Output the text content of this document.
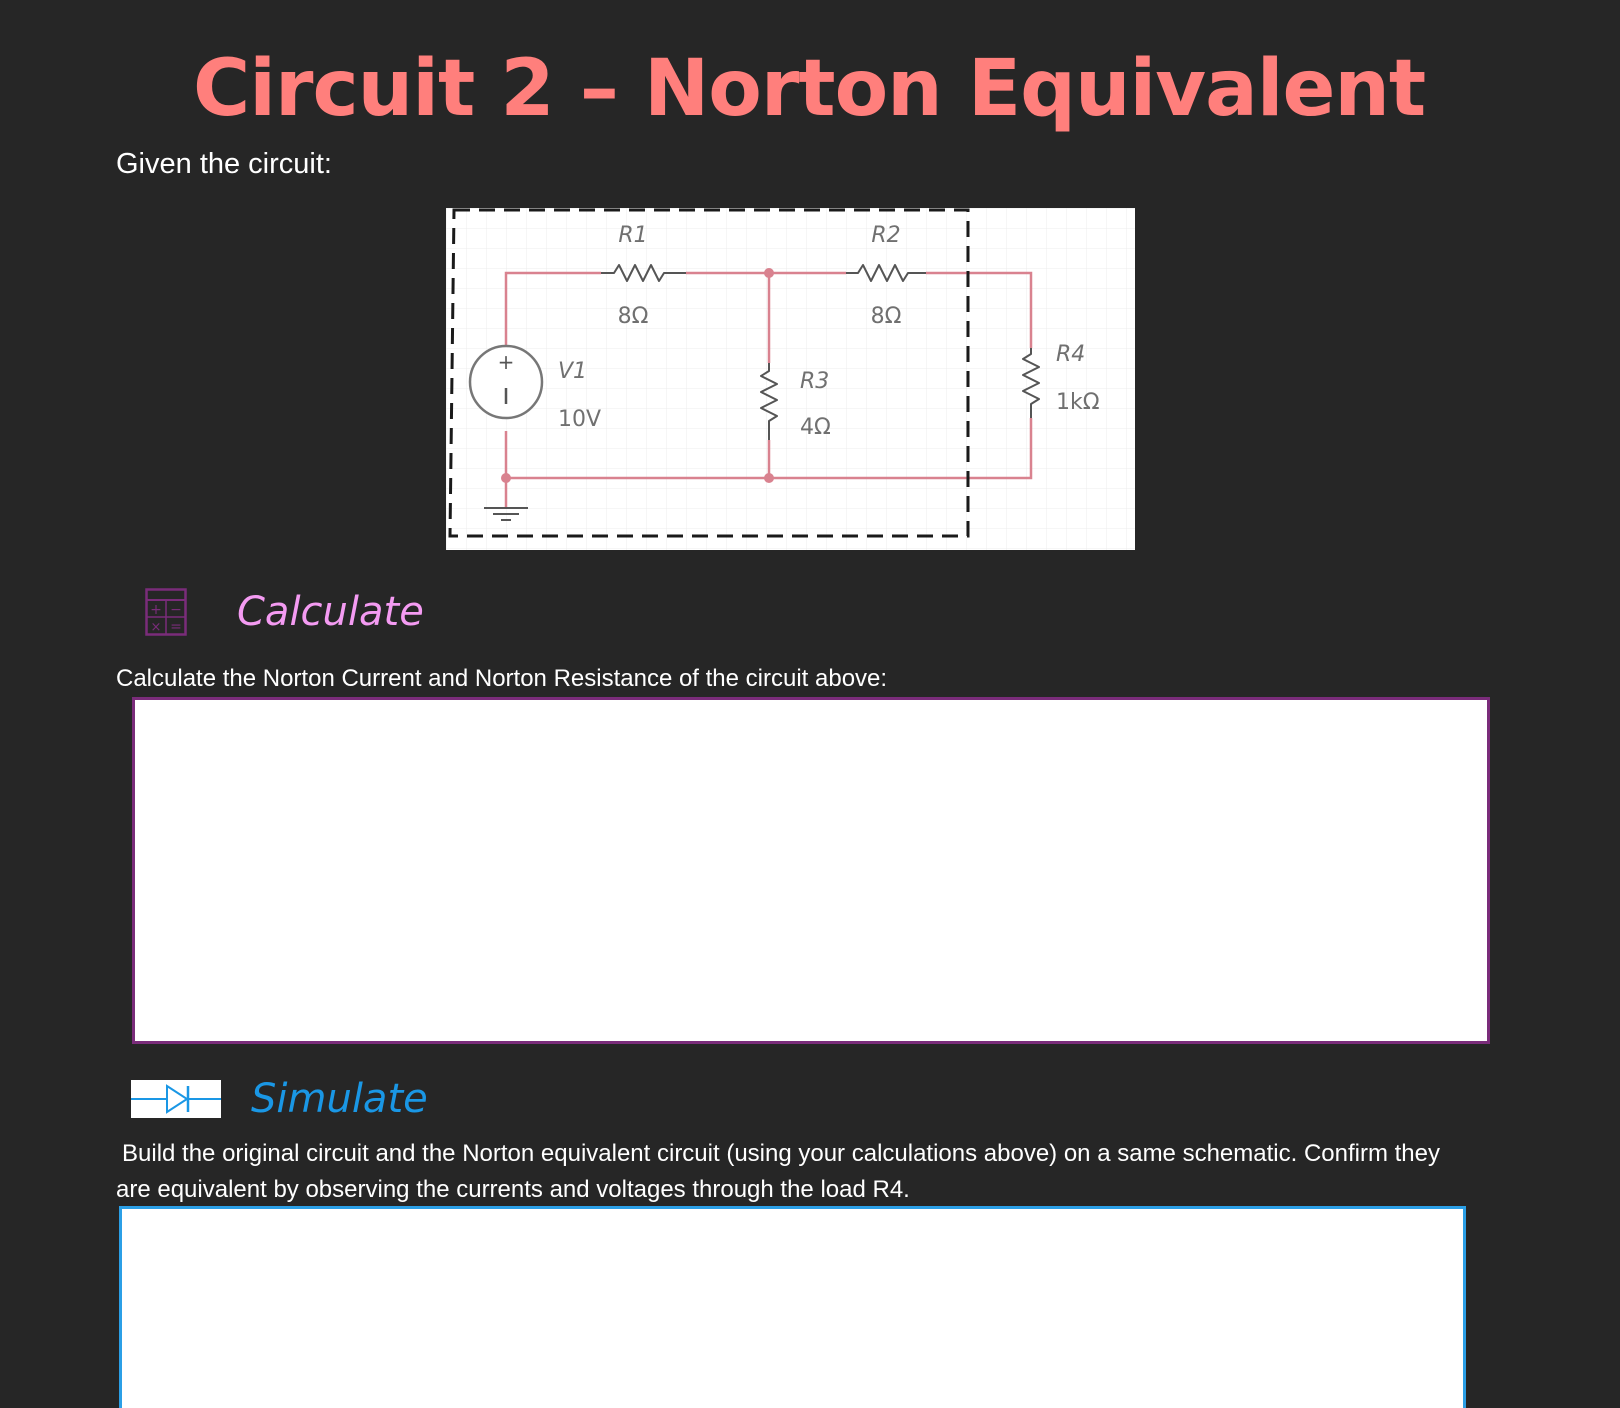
Circuit 2 – Norton Equivalent

Given the circuit:

+
R1
8Ω
R2
8Ω
R3
4Ω
R4
1kΩ
V1
10V
+ −
× = Calculate

Calculate the Norton Current and Norton Resistance of the circuit above:

Simulate

Build the original circuit and the Norton equivalent circuit (using your calculations above) on a same schematic. Confirm they are equivalent by observing the currents and voltages through the load R4.
